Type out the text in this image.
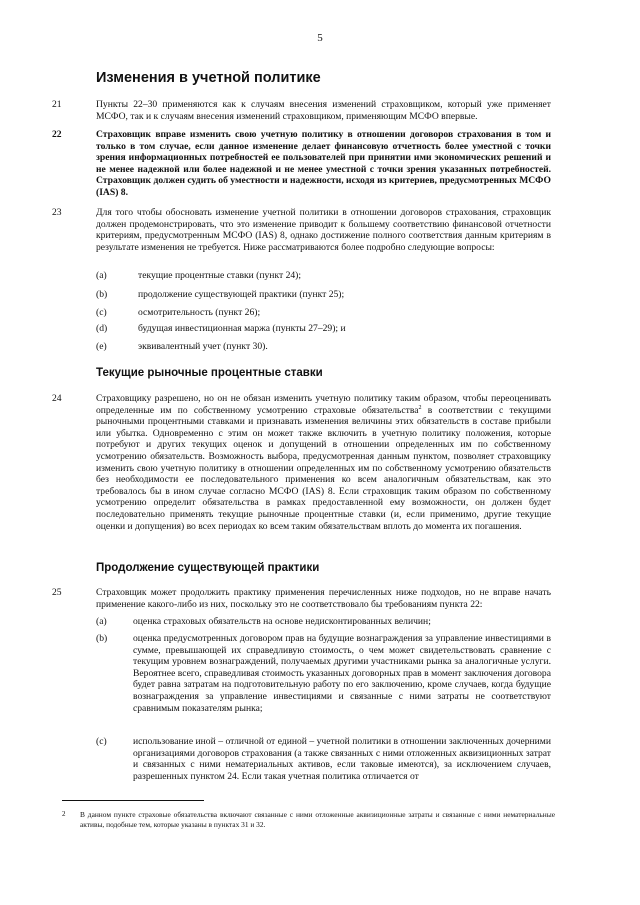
5
Изменения в учетной политике
21	Пункты 22–30 применяются как к случаям внесения изменений страховщиком, который уже применяет МСФО, так и к случаям внесения изменений страховщиком, применяющим МСФО впервые.
22	Страховщик вправе изменить свою учетную политику в отношении договоров страхования в том и только в том случае, если данное изменение делает финансовую отчетность более уместной с точки зрения информационных потребностей ее пользователей при принятии ими экономических решений и не менее надежной или более надежной и не менее уместной с точки зрения указанных потребностей. Страховщик должен судить об уместности и надежности, исходя из критериев, предусмотренных МСФО (IAS) 8.
23	Для того чтобы обосновать изменение учетной политики в отношении договоров страхования, страховщик должен продемонстрировать, что это изменение приводит к большему соответствию финансовой отчетности критериям, предусмотренным МСФО (IAS) 8, однако достижение полного соответствия данным критериям в результате изменения не требуется. Ниже рассматриваются более подробно следующие вопросы:
(a)	текущие процентные ставки (пункт 24);
(b)	продолжение существующей практики (пункт 25);
(c)	осмотрительность (пункт 26);
(d)	будущая инвестиционная маржа (пункты 27–29); и
(e)	эквивалентный учет (пункт 30).
Текущие рыночные процентные ставки
24	Страховщику разрешено, но он не обязан изменить учетную политику таким образом, чтобы переоценивать определенные им по собственному усмотрению страховые обязательства$^2$ в соответствии с текущими рыночными процентными ставками и признавать изменения величины этих обязательств в составе прибыли или убытка. Одновременно с этим он может также включить в учетную политику положения, которые потребуют и других текущих оценок и допущений в отношении определенных им по собственному усмотрению обязательств. Возможность выбора, предусмотренная данным пунктом, позволяет страховщику изменить свою учетную политику в отношении определенных им по собственному усмотрению обязательств без необходимости ее последовательного применения ко всем аналогичным обязательствам, как это требовалось бы в ином случае согласно МСФО (IAS) 8. Если страховщик таким образом по собственному усмотрению определит обязательства в рамках предоставленной ему возможности, он должен будет последовательно применять текущие рыночные процентные ставки (и, если применимо, другие текущие оценки и допущения) во всех периодах ко всем таким обязательствам вплоть до момента их погашения.
Продолжение существующей практики
25	Страховщик может продолжить практику применения перечисленных ниже подходов, но не вправе начать применение какого-либо из них, поскольку это не соответствовало бы требованиям пункта 22:
(a)	оценка страховых обязательств на основе недисконтированных величин;
(b)	оценка предусмотренных договором прав на будущие вознаграждения за управление инвестициями в сумме, превышающей их справедливую стоимость, о чем может свидетельствовать сравнение с текущим уровнем вознаграждений, получаемых другими участниками рынка за аналогичные услуги. Вероятнее всего, справедливая стоимость указанных договорных прав в момент заключения договора будет равна затратам на подготовительную работу по его заключению, кроме случаев, когда будущие вознаграждения за управление инвестициями и связанные с ними затраты не соответствуют сравнимым показателям рынка;
(c)	использование иной – отличной от единой – учетной политики в отношении заключенных дочерними организациями договоров страхования (а также связанных с ними отложенных аквизиционных затрат и связанных с ними нематериальных активов, если таковые имеются), за исключением случаев, разрешенных пунктом 24. Если такая учетная политика отличается от
2 В данном пункте страховые обязательства включают связанные с ними отложенные аквизиционные затраты и связанные с ними нематериальные активы, подобные тем, которые указаны в пунктах 31 и 32.
